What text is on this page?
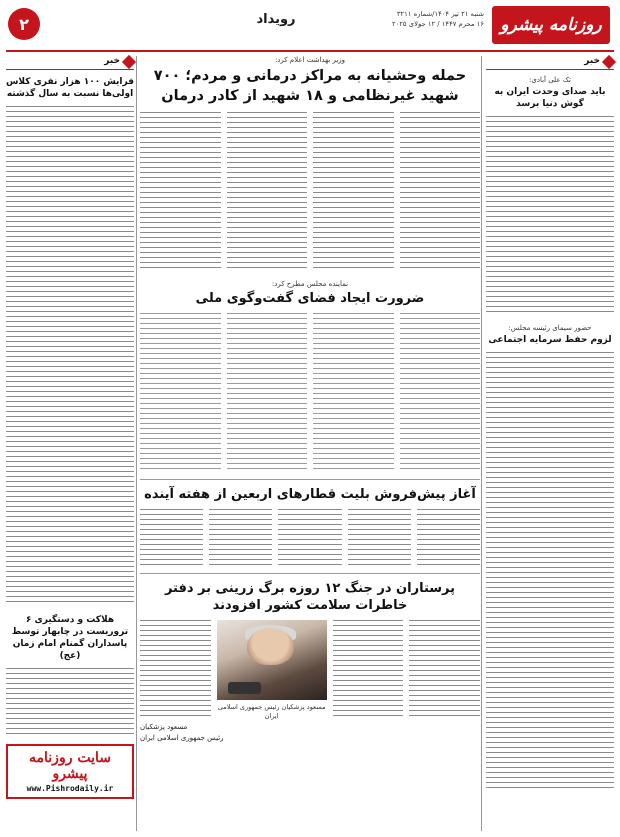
روزنامه پیشرو
شنبه ۲۱ تیر ۱۴۰۴/شماره ۳۲۱۱
۱۶ محرم ۱۴۴۷ / ۱۲ جولای ۲۰۲۵
رویداد
۲
خبر
تک علی آبادی:
باید صدای وحدت ایران به گوش دنیا برسد
حضور سیمای رئیسه مجلس:
لزوم حفظ سرمایه اجتماعی
وزیر بهداشت اعلام کرد:
حمله وحشیانه به مراکز درمانی و مردم؛ ۷۰۰ شهید غیرنظامی و ۱۸ شهید از کادر درمان
نماینده مجلس مطرح کرد:
ضرورت ایجاد فضای گفت‌وگوی ملی
آغاز پیش‌فروش بلیت قطارهای اربعین از هفته آینده
پرستاران در جنگ ۱۲ روزه برگ زرینی بر دفتر خاطرات سلامت کشور افزودند
مسعود پزشکیان رئیس جمهوری اسلامی ایران
مسعود پزشکیان
رئیس جمهوری اسلامی ایران
خبر
فرایش ۱۰۰ هزار نفری کلاس اولی‌ها نسبت به سال گذشته
هلاکت و دستگیری ۶ تروریست در چابهار توسط پاسداران گمنام امام زمان (عج)
سایت روزنامه پیشرو
www.Pishrodaily.ir
